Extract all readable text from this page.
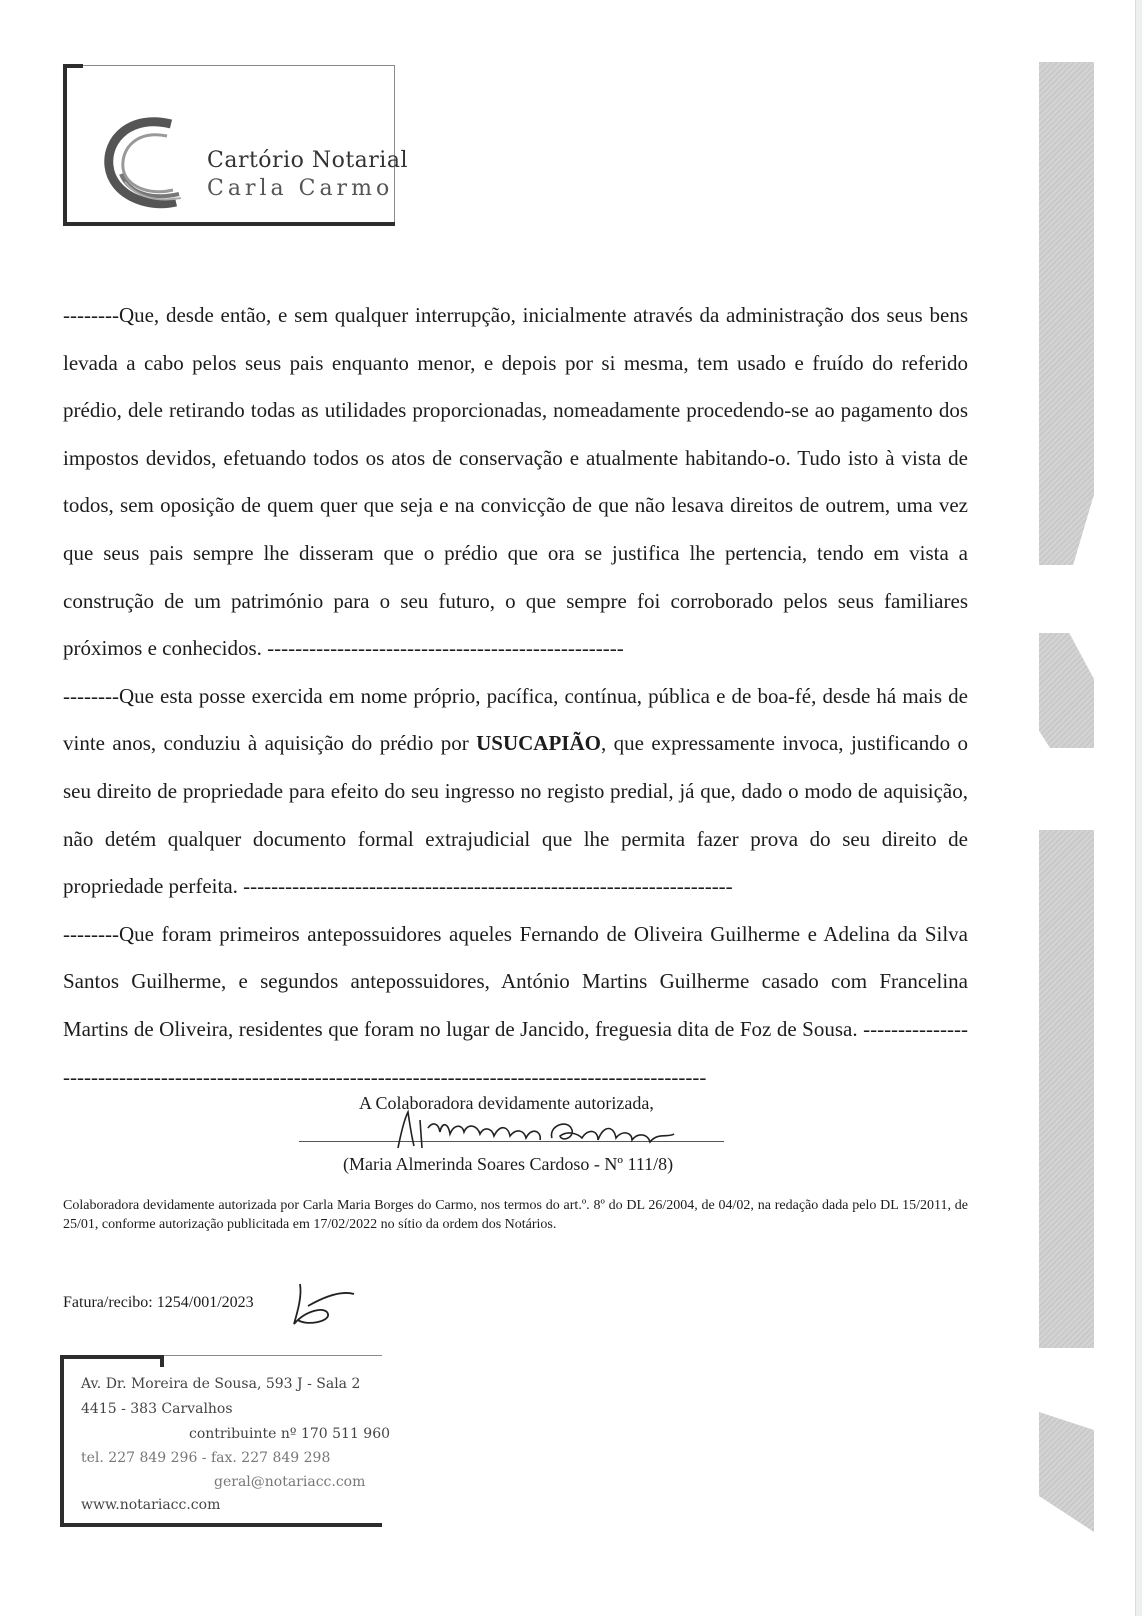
Cartório Notarial
Carla Carmo

--------Que, desde então, e sem qualquer interrupção, inicialmente através da administração dos seus bens levada a cabo pelos seus pais enquanto menor, e depois por si mesma, tem usado e fruído do referido prédio, dele retirando todas as utilidades proporcionadas, nomeadamente procedendo-se ao pagamento dos impostos devidos, efetuando todos os atos de conservação e atualmente habitando-o. Tudo isto à vista de todos, sem oposição de quem quer que seja e na convicção de que não lesava direitos de outrem, uma vez que seus pais sempre lhe disseram que o prédio que ora se justifica lhe pertencia, tendo em vista a construção de um património para o seu futuro, o que sempre foi corroborado pelos seus familiares próximos e conhecidos. ---------------------------------------------------

--------Que esta posse exercida em nome próprio, pacífica, contínua, pública e de boa-fé, desde há mais de vinte anos, conduziu à aquisição do prédio por USUCAPIÃO, que expressamente invoca, justificando o seu direito de propriedade para efeito do seu ingresso no registo predial, já que, dado o modo de aquisição, não detém qualquer documento formal extrajudicial que lhe permita fazer prova do seu direito de propriedade perfeita. ----------------------------------------------------------------------

--------Que foram primeiros antepossuidores aqueles Fernando de Oliveira Guilherme e Adelina da Silva Santos Guilherme, e segundos antepossuidores, António Martins Guilherme casado com Francelina Martins de Oliveira, residentes que foram no lugar de Jancido, freguesia dita de Foz de Sousa. -----------------------------------------------------------------------------------------------------------

A Colaboradora devidamente autorizada,
(Maria Almerinda Soares Cardoso - Nº 111/8)
Colaboradora devidamente autorizada por Carla Maria Borges do Carmo, nos termos do art.º. 8º do DL 26/2004, de 04/02, na redação dada pelo DL 15/2011, de 25/01, conforme autorização publicitada em 17/02/2022 no sítio da ordem dos Notários.
Fatura/recibo: 1254/001/2023
Av. Dr. Moreira de Sousa, 593 J - Sala 2
4415 - 383 Carvalhos
contribuinte nº 170 511 960
tel. 227 849 296 - fax. 227 849 298
geral@notariacc.com
www.notariacc.com
